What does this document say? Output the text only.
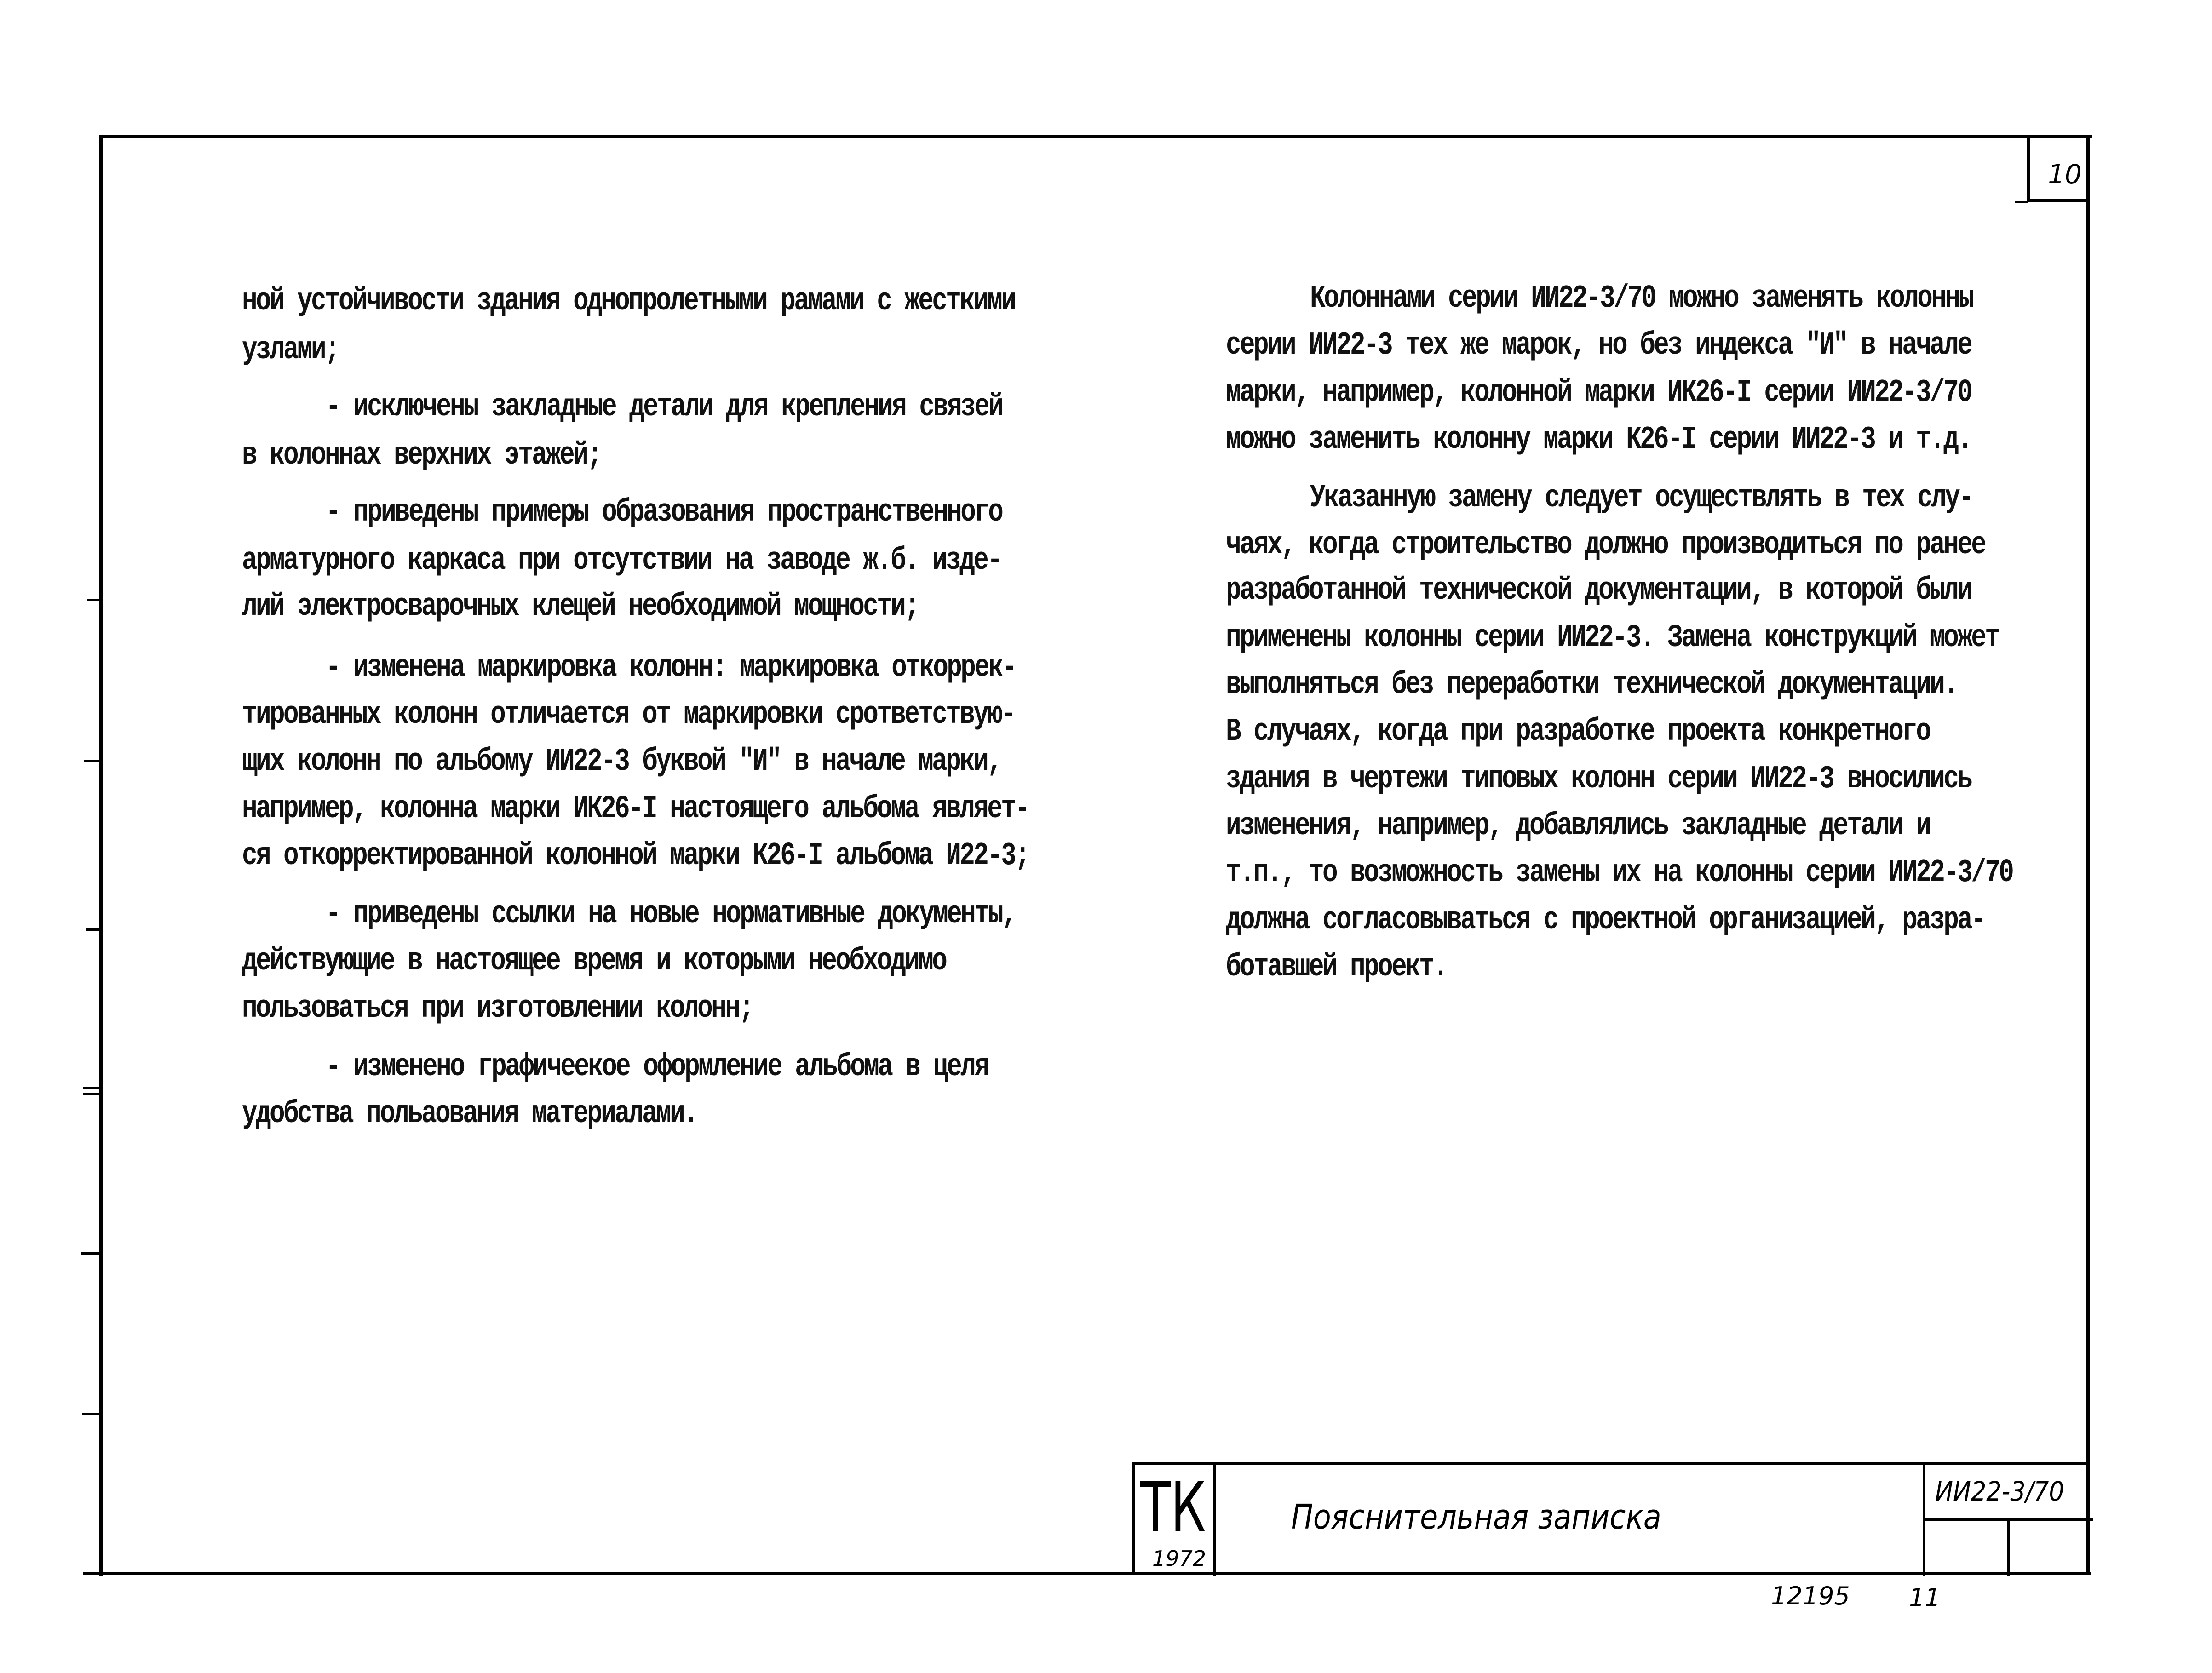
10
ной устойчивости здания однопролетными рамами с жесткими
узлами;
- исключены закладные детали для крепления связей
в колоннах верхних этажей;
- приведены примеры образования пространственного
арматурного каркаса при отсутствии на заводе ж.б. изде-
лий электросварочных клещей необходимой мощности;
- изменена маркировка колонн: маркировка откоррек-
тированных колонн отличается от маркировки срответствую-
щих колонн по альбому ИИ22-3 буквой "И" в начале марки,
например, колонна марки ИК26-I настоящего альбома являет-
ся откорректированной колонной марки К26-I альбома И22-3;
- приведены ссылки на новые нормативные документы,
действующие в настоящее время и которыми необходимо
пользоваться при изготовлении колонн;
- изменено графичеекое оформление альбома в целя
удобства польаования материалами.
Колоннами серии ИИ22-3/70 можно заменять колонны
серии ИИ22-3 тех же марок, но без индекса "И" в начале
марки, например, колонной марки ИК26-I серии ИИ22-3/70
можно заменить колонну марки К26-I серии ИИ22-3 и т.д.
Указанную замену следует осуществлять в тех слу-
чаях, когда строительство должно производиться по ранее
разработанной технической документации, в которой были
применены колонны серии ИИ22-3. Замена конструкций может
выполняться без переработки технической документации.
В случаях, когда при разработке проекта конкретного
здания в чертежи типовых колонн серии ИИ22-3 вносились
изменения, например, добавлялись закладные детали и
т.п., то возможность замены их на колонны серии ИИ22-3/70
должна согласовываться с проектной организацией, разра-
ботавшей проект.
ТК
1972
Пояснительная записка
ИИ22-3/70
12195 11
